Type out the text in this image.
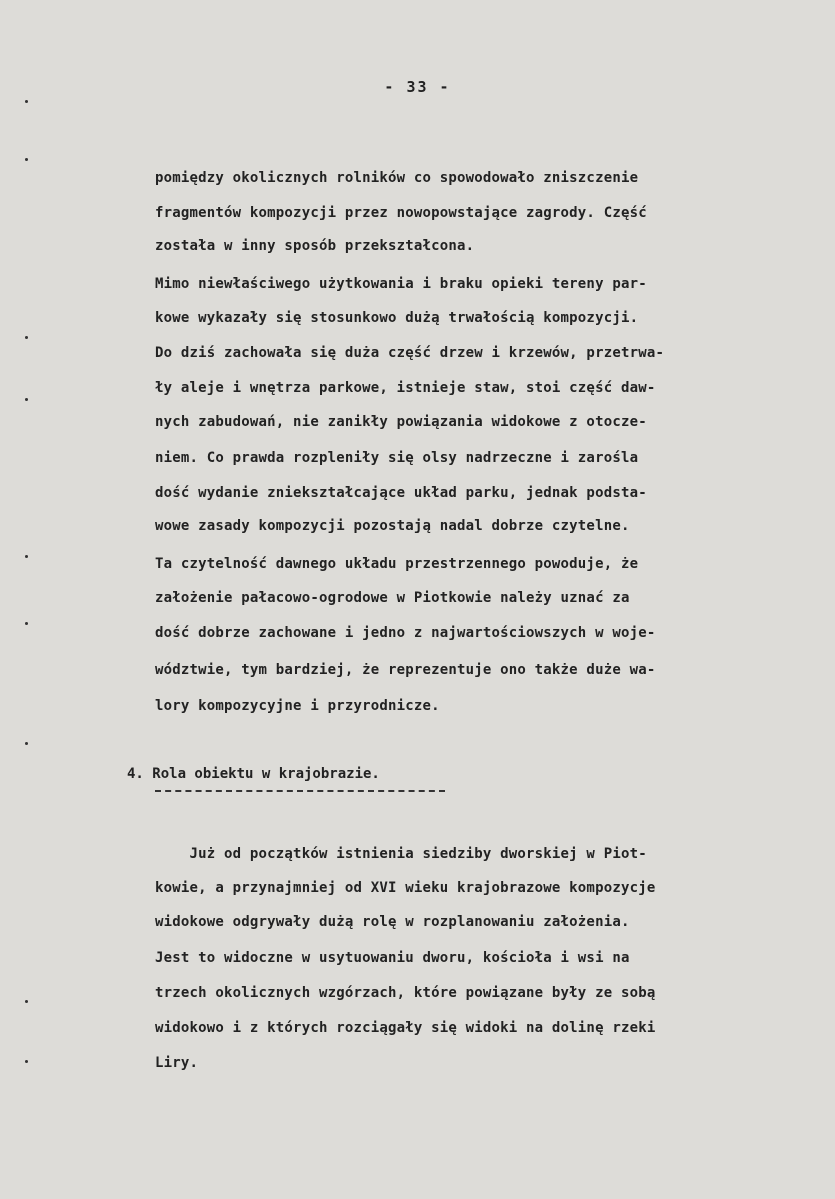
- 33 -
pomiędzy okolicznych rolników co spowodowało zniszczenie
fragmentów kompozycji przez nowopowstające zagrody. Część
została w inny sposób przekształcona.
Mimo niewłaściwego użytkowania i braku opieki tereny par-
kowe wykazały się stosunkowo dużą trwałością kompozycji.
Do dziś zachowała się duża część drzew i krzewów, przetrwa-
ły aleje i wnętrza parkowe, istnieje staw, stoi część daw-
nych zabudowań, nie zanikły powiązania widokowe z otocze-
niem. Co prawda rozpleniły się olsy nadrzeczne i zarośla
dość wydanie zniekształcające układ parku, jednak podsta-
wowe zasady kompozycji pozostają nadal dobrze czytelne.
Ta czytelność dawnego układu przestrzennego powoduje, że
założenie pałacowo-ogrodowe w Piotkowie należy uznać za
dość dobrze zachowane i jedno z najwartościowszych w woje-
wództwie, tym bardziej, że reprezentuje ono także duże wa-
lory kompozycyjne i przyrodnicze.
4. Rola obiektu w krajobrazie.
Już od początków istnienia siedziby dworskiej w Piot-
kowie, a przynajmniej od XVI wieku krajobrazowe kompozycje
widokowe odgrywały dużą rolę w rozplanowaniu założenia.
Jest to widoczne w usytuowaniu dworu, kościoła i wsi na
trzech okolicznych wzgórzach, które powiązane były ze sobą
widokowo i z których rozciągały się widoki na dolinę rzeki
Liry.
